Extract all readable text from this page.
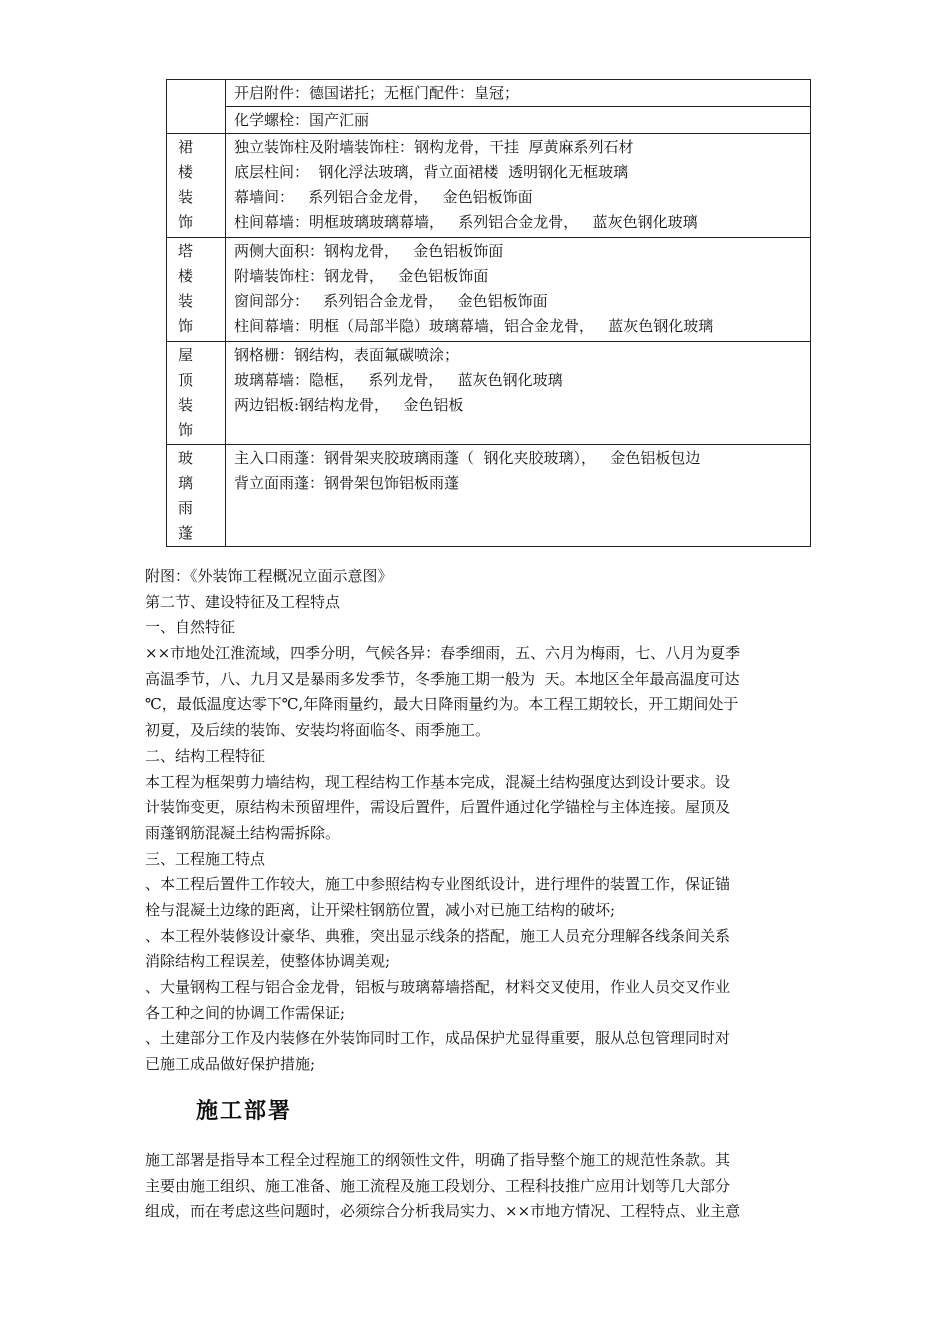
	开启附件：德国诺托；无框门配件：皇冠；

	化学螺栓：国产汇丽

裙
楼
装
饰	独立装饰柱及附墙装饰柱：钢构龙骨，干挂  厚黄麻系列石材
底层柱间：  钢化浮法玻璃，背立面裙楼  透明钢化无框玻璃
幕墙间：   系列铝合金龙骨，   金色铝板饰面
柱间幕墙：明框玻璃玻璃幕墙，   系列铝合金龙骨，   蓝灰色钢化玻璃

塔
楼
装
饰	两侧大面积：钢构龙骨，   金色铝板饰面
附墙装饰柱：钢龙骨，   金色铝板饰面
窗间部分：   系列铝合金龙骨，   金色铝板饰面
柱间幕墙：明框（局部半隐）玻璃幕墙，铝合金龙骨，   蓝灰色钢化玻璃

屋
顶
装
饰	钢格栅：钢结构，表面氟碳喷涂；
玻璃幕墙：隐框，   系列龙骨，   蓝灰色钢化玻璃
两边铝板:钢结构龙骨，   金色铝板

玻
璃
雨
蓬	主入口雨蓬：钢骨架夹胶玻璃雨蓬（  钢化夹胶玻璃），   金色铝板包边
背立面雨蓬：钢骨架包饰铝板雨蓬
附图：《外装饰工程概况立面示意图》
第二节、建设特征及工程特点
一、自然特征
××市地处江淮流域，四季分明，气候各异：春季细雨，五、六月为梅雨，七、八月为夏季
高温季节，八、九月又是暴雨多发季节，冬季施工期一般为  天。本地区全年最高温度可达
℃，最低温度达零下℃,年降雨量约，最大日降雨量约为。本工程工期较长，开工期间处于
初夏，及后续的装饰、安装均将面临冬、雨季施工。
二、结构工程特征
本工程为框架剪力墙结构，现工程结构工作基本完成，混凝土结构强度达到设计要求。设
计装饰变更，原结构未预留埋件，需设后置件，后置件通过化学锚栓与主体连接。屋顶及
雨蓬钢筋混凝土结构需拆除。
三、工程施工特点
、本工程后置件工作较大，施工中参照结构专业图纸设计，进行埋件的装置工作，保证锚
栓与混凝土边缘的距离，让开梁柱钢筋位置，减小对已施工结构的破坏;
、本工程外装修设计豪华、典雅，突出显示线条的搭配，施工人员充分理解各线条间关系
消除结构工程误差，使整体协调美观;
、大量钢构工程与铝合金龙骨，铝板与玻璃幕墙搭配，材料交叉使用，作业人员交叉作业
各工种之间的协调工作需保证;
、土建部分工作及内装修在外装饰同时工作，成品保护尤显得重要，服从总包管理同时对
已施工成品做好保护措施;
施工部署
施工部署是指导本工程全过程施工的纲领性文件，明确了指导整个施工的规范性条款。其
主要由施工组织、施工准备、施工流程及施工段划分、工程科技推广应用计划等几大部分
组成，而在考虑这些问题时，必须综合分析我局实力、××市地方情况、工程特点、业主意
